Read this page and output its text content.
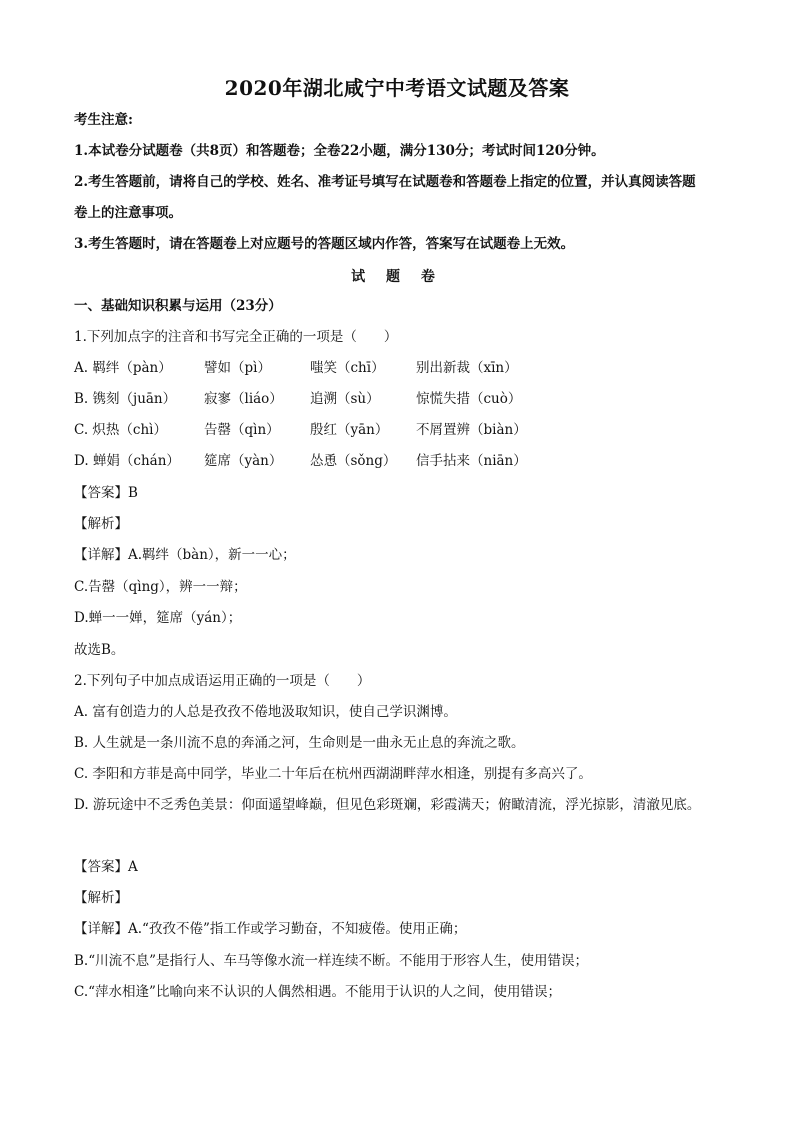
2020年湖北咸宁中考语文试题及答案
考生注意:
1.本试卷分试题卷（共8页）和答题卷；全卷22小题，满分130分；考试时间120分钟。
2.考生答题前，请将自己的学校、姓名、准考证号填写在试题卷和答题卷上指定的位置，并认真阅读答题
卷上的注意事项。
3.考生答题时，请在答题卷上对应题号的答题区域内作答，答案写在试题卷上无效。
试 题 卷
一、基础知识积累与运用（23分）
1.下列加点字的注音和书写完全正确的一项是（　　）
A. 羁绊（pàn） 譬如（pì）	嗤笑（chī） 别出新裁（xīn）
B. 镌刻（juān） 寂寥（liáo） 追溯（sù）	惊慌失措（cuò）
C. 炽热（chì）	告罄（qìn） 殷红（yān） 不屑置辨（biàn）
D. 蝉娟（chán） 筵席（yàn） 怂恿（sǒng） 信手拈来（niān）
【答案】B
【解析】
【详解】A.羁绊（bàn），新一一心；
C.告罄（qìng），辨一一辩；
D.蝉一一婵，筵席（yán）；
故选B。
2.下列句子中加点成语运用正确的一项是（　　）
A. 富有创造力的人总是孜孜不倦地汲取知识，使自己学识渊博。
B. 人生就是一条川流不息的奔涌之河，生命则是一曲永无止息的奔流之歌。
C. 李阳和方菲是高中同学，毕业二十年后在杭州西湖湖畔萍水相逢，别提有多高兴了。
D. 游玩途中不乏秀色美景：仰面遥望峰巅，但见色彩斑斓，彩霞满天；俯瞰清流，浮光掠影，清澈见底。
【答案】A
【解析】
【详解】A.“孜孜不倦”指工作或学习勤奋，不知疲倦。使用正确；
B.“川流不息”是指行人、车马等像水流一样连续不断。不能用于形容人生，使用错误；
C.“萍水相逢”比喻向来不认识的人偶然相遇。不能用于认识的人之间，使用错误；
